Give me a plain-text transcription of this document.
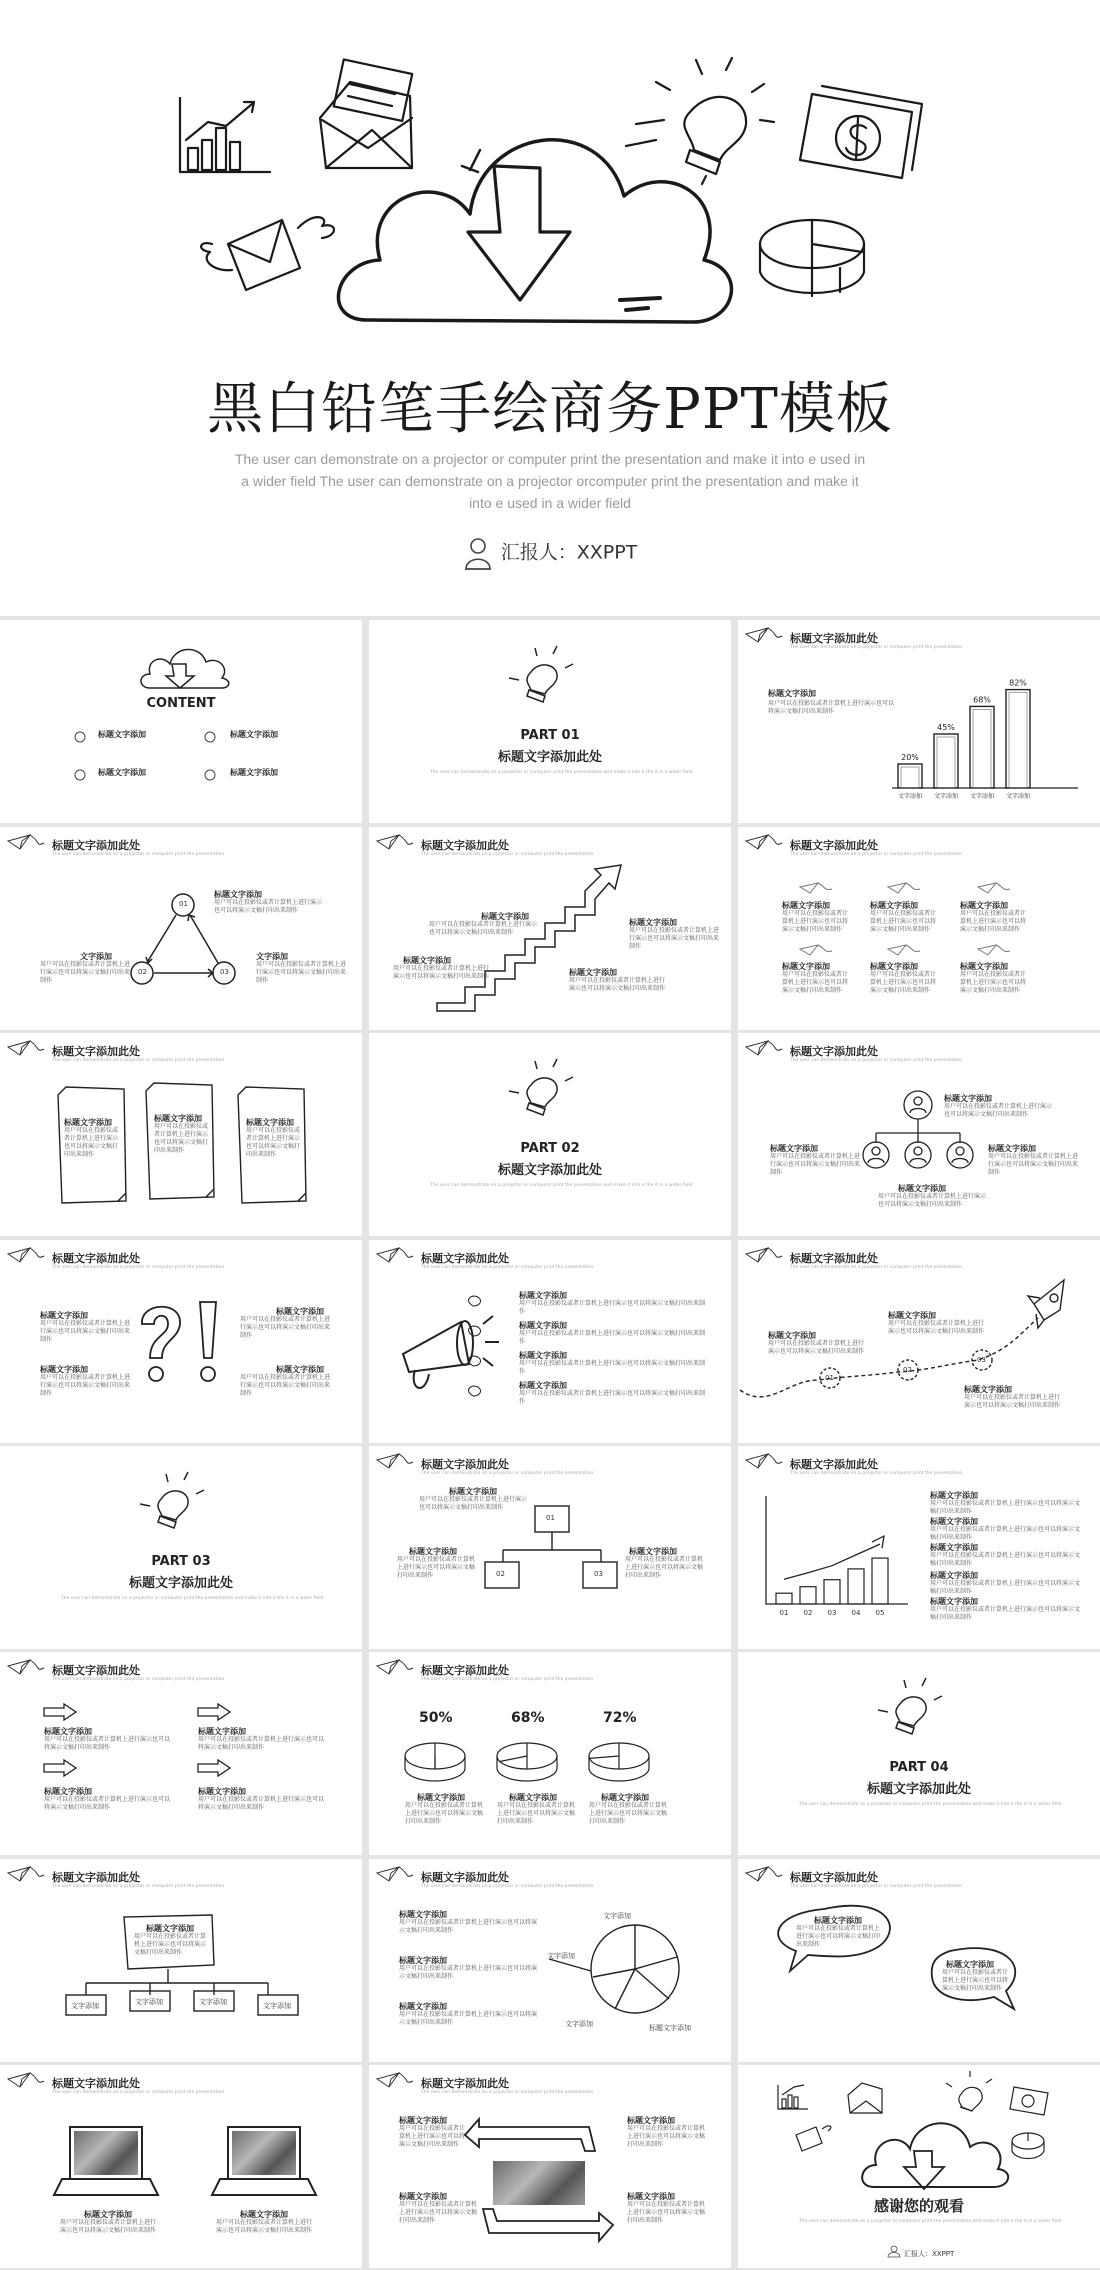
黑白铅笔手绘商务PPT模板
The user can demonstrate on a projector or computer print the presentation and make it into e used in a wider field The user can demonstrate on a projector orcomputer print the presentation and make it into e used in a wider field
汇报人：XXPPT
CONTENT
标题文字添加	标题文字添加
标题文字添加	标题文字添加
PART 01
标题文字添加此处
The user can demonstrate on a projector or computer print the presentation and make it into e the it in a wider field
标题文字添加此处
The user can demonstrate on a projector or computer print the presentation
标题文字添加
用户可以在投影仪或者计算机上进行演示也可以将演示文稿打印出来制作
20%
文字添加
45%
文字添加
68%
文字添加
82%
文字添加
标题文字添加此处
The user can demonstrate on a projector or computer print the presentation
01
02	03
标题文字添加
用户可以在投影仪或者计算机上进行演示也可以将演示文稿打印出来制作
文字添加
用户可以在投影仪或者计算机上进行演示也可以将演示文稿打印出来制作
文字添加
用户可以在投影仪或者计算机上进行演示也可以将演示文稿打印出来制作
标题文字添加此处
The user can demonstrate on a projector or computer print the presentation
标题文字添加
用户可以在投影仪或者计算机上进行演示也可以将演示文稿打印出来制作
标题文字添加
用户可以在投影仪或者计算机上进行演示也可以将演示文稿打印出来制作
标题文字添加
用户可以在投影仪或者计算机上进行演示也可以将演示文稿打印出来制作	标题文字添加
用户可以在投影仪或者计算机上进行演示也可以将演示文稿打印出来制作
标题文字添加此处
The user can demonstrate on a projector or computer print the presentation
标题文字添加
用户可以在投影仪或者计算机上进行演示也可以将演示文稿打印出来制作
标题文字添加
用户可以在投影仪或者计算机上进行演示也可以将演示文稿打印出来制作
标题文字添加
用户可以在投影仪或者计算机上进行演示也可以将演示文稿打印出来制作
标题文字添加
用户可以在投影仪或者计算机上进行演示也可以将演示文稿打印出来制作
标题文字添加
用户可以在投影仪或者计算机上进行演示也可以将演示文稿打印出来制作
标题文字添加
用户可以在投影仪或者计算机上进行演示也可以将演示文稿打印出来制作
标题文字添加此处
The user can demonstrate on a projector or computer print the presentation
标题文字添加
用户可以在投影仪或者计算机上进行演示也可以将演示文稿打印出来制作
标题文字添加
用户可以在投影仪或者计算机上进行演示也可以将演示文稿打印出来制作
标题文字添加
用户可以在投影仪或者计算机上进行演示也可以将演示文稿打印出来制作	PART 02
标题文字添加此处
The user can demonstrate on a projector or computer print the presentation and make it into e the it in a wider field
标题文字添加此处
The user can demonstrate on a projector or computer print the presentation
标题文字添加
用户可以在投影仪或者计算机上进行演示也可以将演示文稿打印出来制作
标题文字添加
用户可以在投影仪或者计算机上进行演示也可以将演示文稿打印出来制作
标题文字添加
用户可以在投影仪或者计算机上进行演示也可以将演示文稿打印出来制作
标题文字添加
用户可以在投影仪或者计算机上进行演示也可以将演示文稿打印出来制作
标题文字添加此处
The user can demonstrate on a projector or computer print the presentation
标题文字添加
用户可以在投影仪或者计算机上进行演示也可以将演示文稿打印出来制作
标题文字添加
用户可以在投影仪或者计算机上进行演示也可以将演示文稿打印出来制作
标题文字添加
用户可以在投影仪或者计算机上进行演示也可以将演示文稿打印出来制作
标题文字添加
用户可以在投影仪或者计算机上进行演示也可以将演示文稿打印出来制作
标题文字添加此处
The user can demonstrate on a projector or computer print the presentation
标题文字添加
用户可以在投影仪或者计算机上进行演示也可以将演示文稿打印出来制作
标题文字添加
用户可以在投影仪或者计算机上进行演示也可以将演示文稿打印出来制作
标题文字添加
用户可以在投影仪或者计算机上进行演示也可以将演示文稿打印出来制作
标题文字添加
用户可以在投影仪或者计算机上进行演示也可以将演示文稿打印出来制作
标题文字添加此处
The user can demonstrate on a projector or computer print the presentation
01
02
03
标题文字添加
用户可以在投影仪或者计算机上进行演示也可以将演示文稿打印出来制作
标题文字添加
用户可以在投影仪或者计算机上进行演示也可以将演示文稿打印出来制作
标题文字添加
用户可以在投影仪或者计算机上进行演示也可以将演示文稿打印出来制作
PART 03
标题文字添加此处
The user can demonstrate on a projector or computer print the presentation and make it into e the it in a wider field
标题文字添加此处
The user can demonstrate on a projector or computer print the presentation
01
02	03
标题文字添加
用户可以在投影仪或者计算机上进行演示也可以将演示文稿打印出来制作
标题文字添加
用户可以在投影仪或者计算机上进行演示也可以将演示文稿打印出来制作
标题文字添加
用户可以在投影仪或者计算机上进行演示也可以将演示文稿打印出来制作
标题文字添加此处
The user can demonstrate on a projector or computer print the presentation
01 02 03 04 05
标题文字添加
用户可以在投影仪或者计算机上进行演示也可以将演示文稿打印出来制作
标题文字添加
用户可以在投影仪或者计算机上进行演示也可以将演示文稿打印出来制作
标题文字添加
用户可以在投影仪或者计算机上进行演示也可以将演示文稿打印出来制作
标题文字添加
用户可以在投影仪或者计算机上进行演示也可以将演示文稿打印出来制作
标题文字添加
用户可以在投影仪或者计算机上进行演示也可以将演示文稿打印出来制作
标题文字添加此处
The user can demonstrate on a projector or computer print the presentation
标题文字添加
用户可以在投影仪或者计算机上进行演示也可以将演示文稿打印出来制作
标题文字添加
用户可以在投影仪或者计算机上进行演示也可以将演示文稿打印出来制作
标题文字添加
用户可以在投影仪或者计算机上进行演示也可以将演示文稿打印出来制作
标题文字添加
用户可以在投影仪或者计算机上进行演示也可以将演示文稿打印出来制作
标题文字添加此处
The user can demonstrate on a projector or computer print the presentation
50%	68%	72%
标题文字添加
用户可以在投影仪或者计算机上进行演示也可以将演示文稿打印出来制作
标题文字添加
用户可以在投影仪或者计算机上进行演示也可以将演示文稿打印出来制作
标题文字添加
用户可以在投影仪或者计算机上进行演示也可以将演示文稿打印出来制作
PART 04
标题文字添加此处
The user can demonstrate on a projector or computer print the presentation and make it into e the it in a wider field
标题文字添加此处
The user can demonstrate on a projector or computer print the presentation
标题文字添加
用户可以在投影仪或者计算机上进行演示也可以将演示文稿打印出来制作
文字添加	文字添加	文字添加	文字添加
标题文字添加此处
The user can demonstrate on a projector or computer print the presentation
标题文字添加
用户可以在投影仪或者计算机上进行演示也可以将演示文稿打印出来制作
标题文字添加
用户可以在投影仪或者计算机上进行演示也可以将演示文稿打印出来制作
标题文字添加
用户可以在投影仪或者计算机上进行演示也可以将演示文稿打印出来制作
文字添加
文字添加
文字添加	标题文字添加
标题文字添加此处
The user can demonstrate on a projector or computer print the presentation
标题文字添加
用户可以在投影仪或者计算机上进行演示也可以将演示文稿打印出来制作
标题文字添加
用户可以在投影仪或者计算机上进行演示也可以将演示文稿打印出来制作
标题文字添加此处
The user can demonstrate on a projector or computer print the presentation
标题文字添加
用户可以在投影仪或者计算机上进行演示也可以将演示文稿打印出来制作
标题文字添加
用户可以在投影仪或者计算机上进行演示也可以将演示文稿打印出来制作
标题文字添加此处
The user can demonstrate on a projector or computer print the presentation
标题文字添加
用户可以在投影仪或者计算机上进行演示也可以将演示文稿打印出来制作
标题文字添加
用户可以在投影仪或者计算机上进行演示也可以将演示文稿打印出来制作
标题文字添加
用户可以在投影仪或者计算机上进行演示也可以将演示文稿打印出来制作
标题文字添加
用户可以在投影仪或者计算机上进行演示也可以将演示文稿打印出来制作
感谢您的观看
The user can demonstrate on a projector or computer print the presentation and make it into e the it in a wider field
汇报人：XXPPT
